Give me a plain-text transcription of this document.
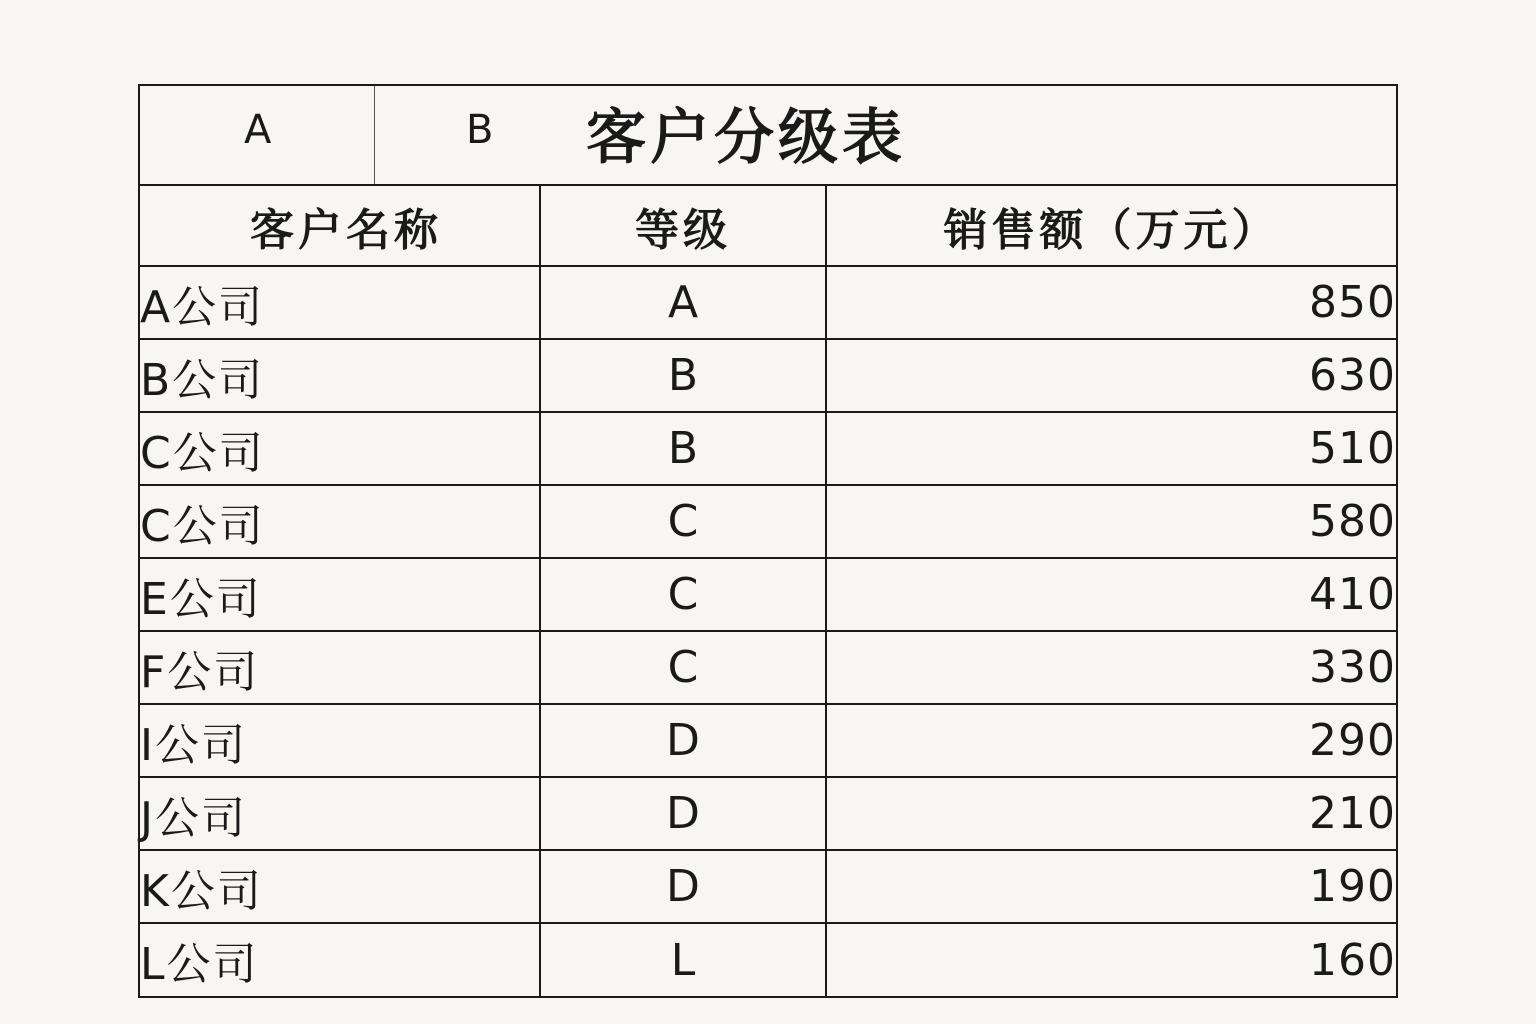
A	B 客户分级表
客户名称	等级	销售额（万元）
A公司	A	850
B公司	B	630
C公司	B	510
C公司	C	580
E公司	C	410
F公司	C	330
I公司	D	290
J公司	D	210
K公司	D	190
L公司	L	160
